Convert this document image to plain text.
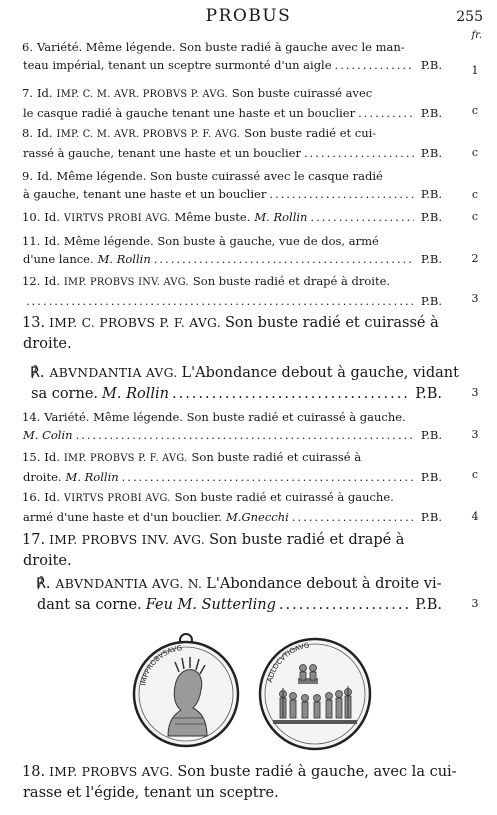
PROBUS	255
fr.
6. Variété. Même légende. Son buste radié à gauche avec le man-
teau impérial, tenant un sceptre surmonté d'un aigle .....	P.B.	1
7. Id. IMP. C. M. AVR. PROBVS P. AVG. Son buste cuirassé avec
le casque radié à gauche tenant une haste et un bouclier .....	P.B.	c
8. Id. IMP. C. M. AVR. PROBVS P. F. AVG. Son buste radié et cui-
rassé à gauche, tenant une haste et un bouclier .....	P.B.	c
9. Id. Même légende. Son buste cuirassé avec le casque radié
à gauche, tenant une haste et un bouclier .....	P.B.	c
10. Id. VIRTVS PROBI AVG. Même buste. M. Rollin .....	P.B.	c
11. Id. Même légende. Son buste à gauche, vue de dos, armé
d'une lance. M. Rollin .....	P.B.	2
12. Id. IMP. PROBVS INV. AVG. Son buste radié et drapé à droite.
.....
P.B.	3
13. IMP. C. PROBVS P. F. AVG. Son buste radié et cuirassé à
droite.
℟. ABVNDANTIA AVG. L'Abondance debout à gauche, vidant
sa corne. M. Rollin .....	P.B.	3
14. Variété. Même légende. Son buste radié et cuirassé à gauche.
M. Colin .....	P.B.	3
15. Id. IMP. PROBVS P. F. AVG. Son buste radié et cuirassé à
droite. M. Rollin .....	P.B.	c
16. Id. VIRTVS PROBI AVG. Son buste radié et cuirassé à gauche.
armé d'une haste et d'un bouclier. M.Gnecchi .....	P.B.	4
17. IMP. PROBVS INV. AVG. Son buste radié et drapé à
droite.
℟. ABVNDANTIA AVG. N. L'Abondance debout à droite vi-
dant sa corne. Feu M. Sutterling .....	P.B.	3
IMPPROBVSAVG
ADLOCVTIOAVG
18. IMP. PROBVS AVG. Son buste radié à gauche, avec la cui-
rasse et l'égide, tenant un sceptre.
